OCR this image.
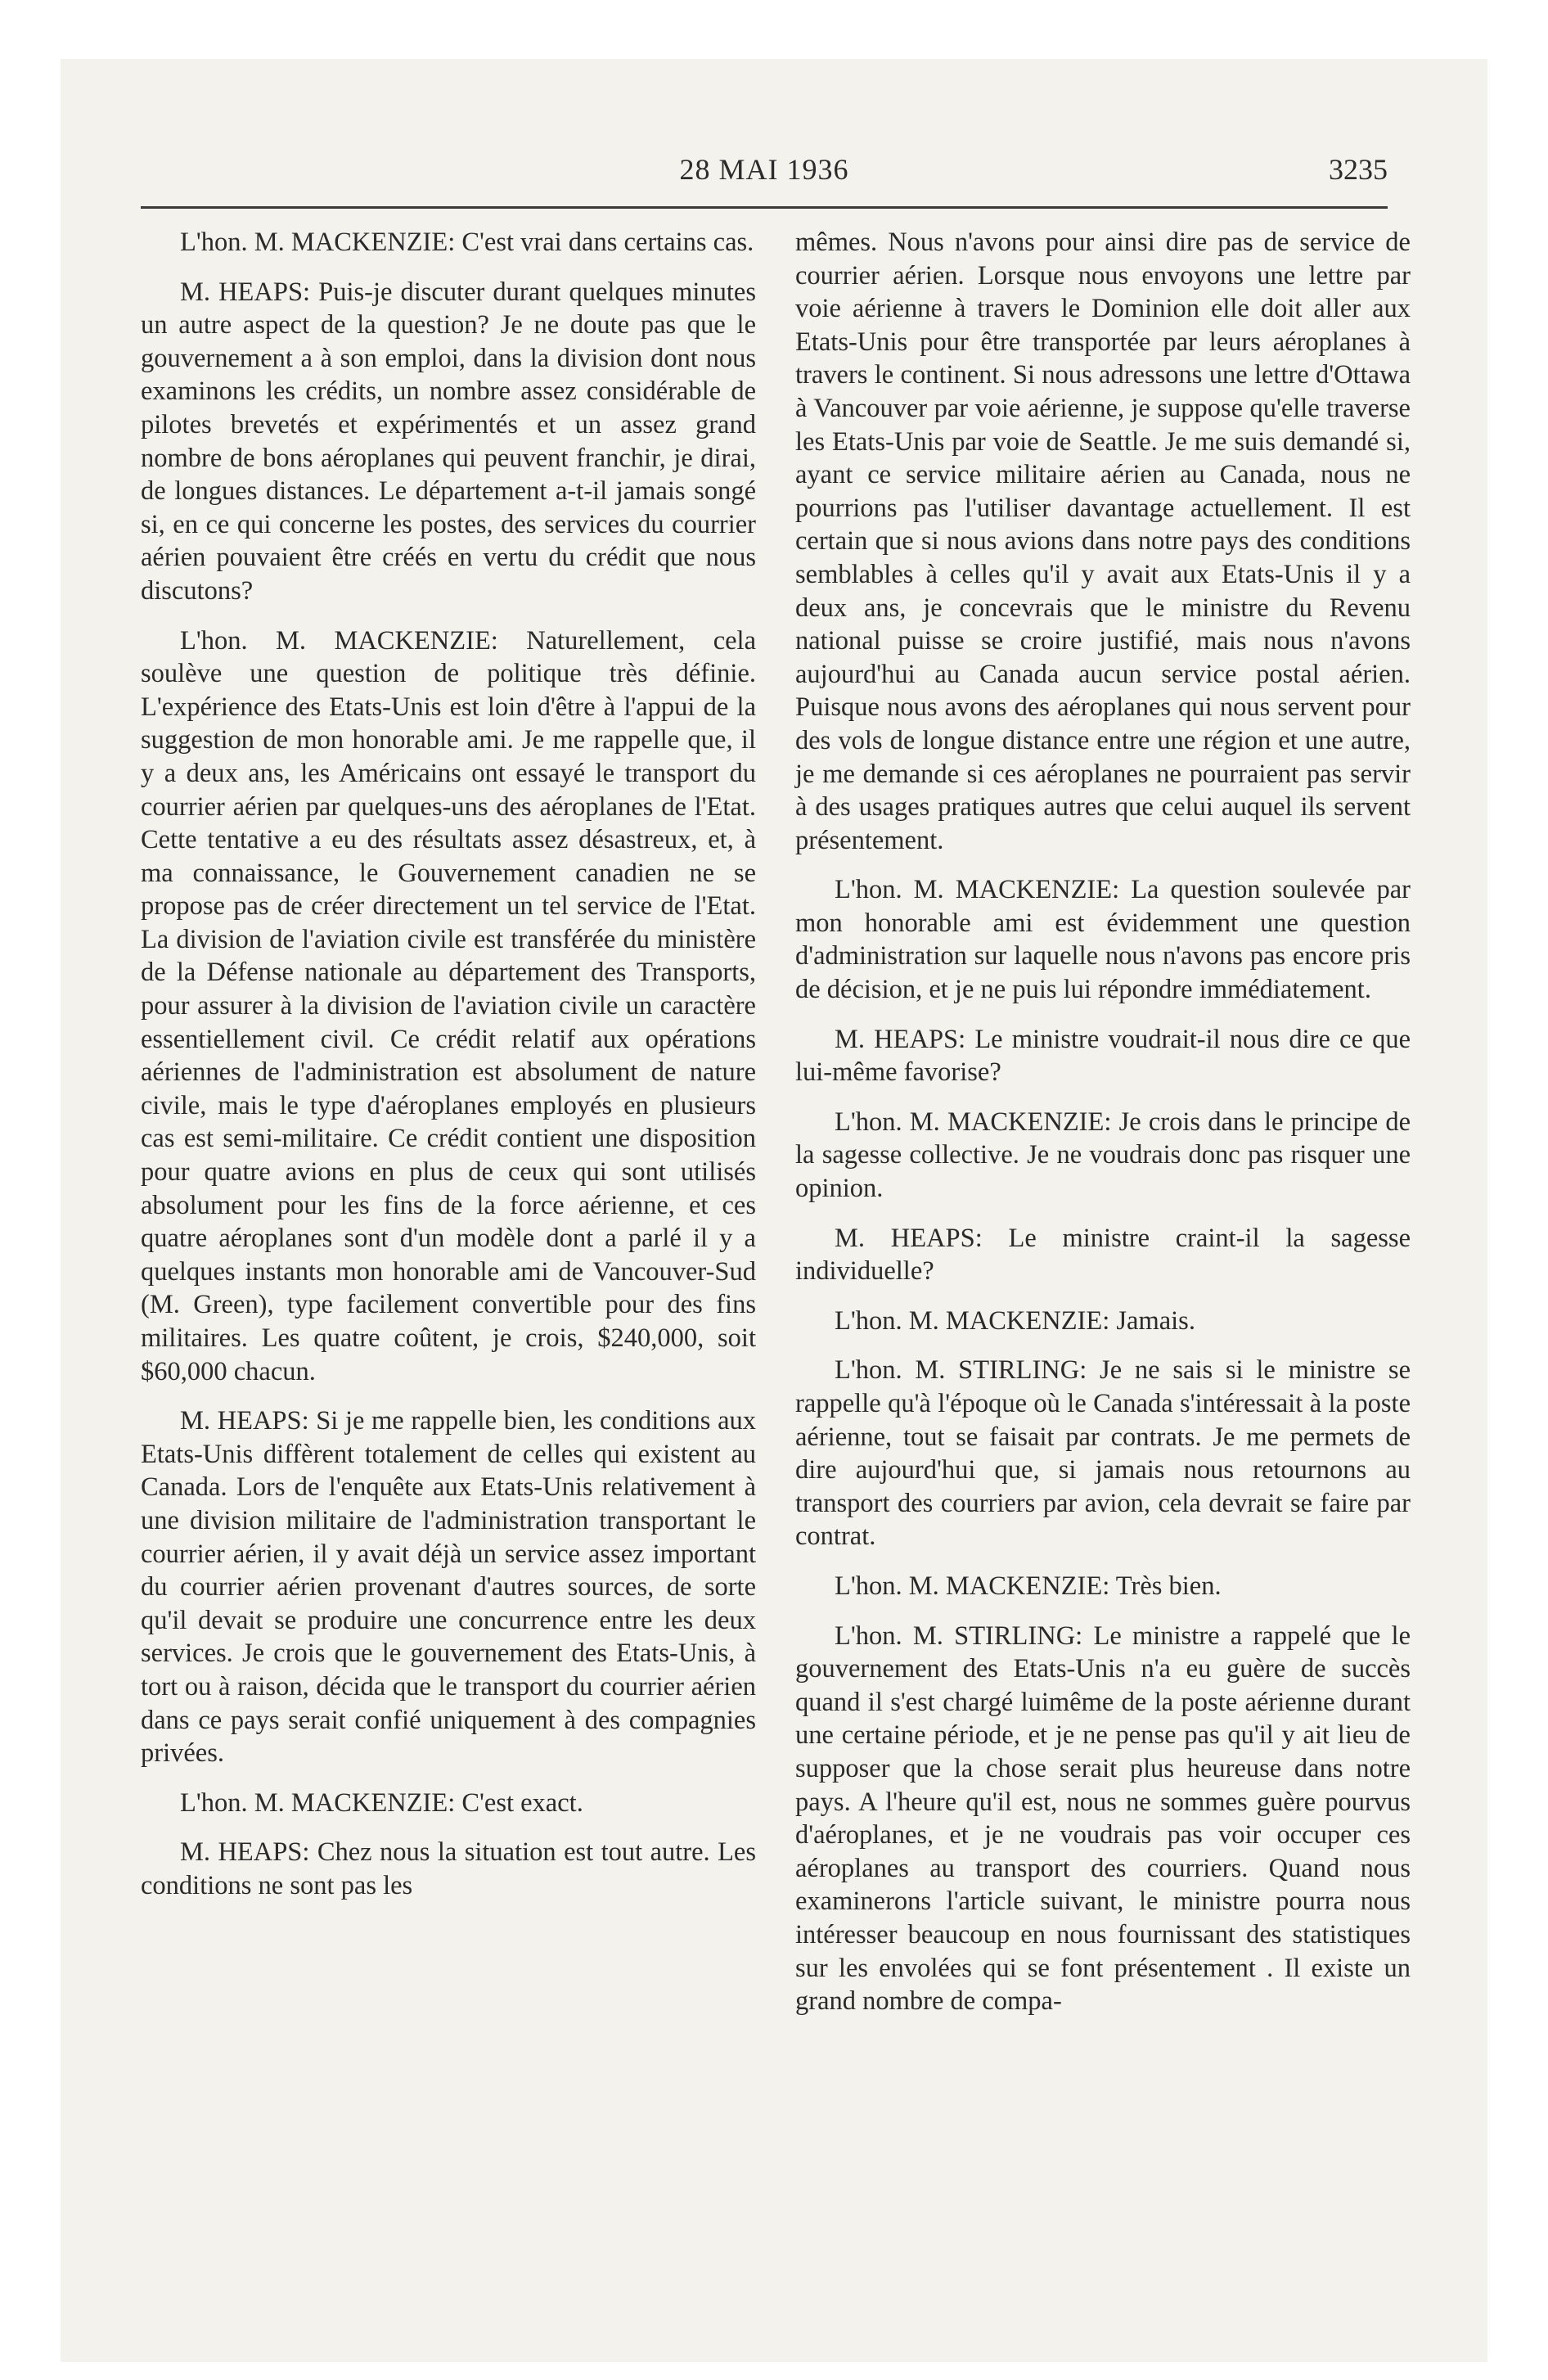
28 MAI 1936	3235

L'hon. M. MACKENZIE: C'est vrai dans certains cas.

M. HEAPS: Puis-je discuter durant quelques minutes un autre aspect de la question? Je ne doute pas que le gouvernement a à son emploi, dans la division dont nous examinons les crédits, un nombre assez considérable de pilotes brevetés et expérimentés et un assez grand nombre de bons aéroplanes qui peuvent franchir, je dirai, de longues distances. Le département a-t-il jamais songé si, en ce qui concerne les postes, des services du courrier aérien pouvaient être créés en vertu du crédit que nous discutons?

L'hon. M. MACKENZIE: Naturellement, cela soulève une question de politique très définie. L'expérience des Etats-Unis est loin d'être à l'appui de la suggestion de mon honorable ami. Je me rappelle que, il y a deux ans, les Américains ont essayé le transport du courrier aérien par quelques-uns des aéroplanes de l'Etat. Cette tentative a eu des résultats assez désastreux, et, à ma connaissance, le Gouvernement canadien ne se propose pas de créer directement un tel service de l'Etat. La division de l'aviation civile est transférée du ministère de la Défense nationale au département des Transports, pour assurer à la division de l'aviation civile un caractère essentiellement civil. Ce crédit relatif aux opérations aériennes de l'administration est absolument de nature civile, mais le type d'aéroplanes employés en plusieurs cas est semi-militaire. Ce crédit contient une disposition pour quatre avions en plus de ceux qui sont utilisés absolument pour les fins de la force aérienne, et ces quatre aéroplanes sont d'un modèle dont a parlé il y a quelques instants mon honorable ami de Vancouver-Sud (M. Green), type facilement convertible pour des fins militaires. Les quatre coûtent, je crois, $240,000, soit $60,000 chacun.

M. HEAPS: Si je me rappelle bien, les conditions aux Etats-Unis diffèrent totalement de celles qui existent au Canada. Lors de l'enquête aux Etats-Unis relativement à une division militaire de l'administration transportant le courrier aérien, il y avait déjà un service assez important du courrier aérien provenant d'autres sources, de sorte qu'il devait se produire une concurrence entre les deux services. Je crois que le gouvernement des Etats-Unis, à tort ou à raison, décida que le transport du courrier aérien dans ce pays serait confié uniquement à des compagnies privées.

L'hon. M. MACKENZIE: C'est exact.

M. HEAPS: Chez nous la situation est tout autre. Les conditions ne sont pas les

mêmes. Nous n'avons pour ainsi dire pas de service de courrier aérien. Lorsque nous envoyons une lettre par voie aérienne à travers le Dominion elle doit aller aux Etats-Unis pour être transportée par leurs aéroplanes à travers le continent. Si nous adressons une lettre d'Ottawa à Vancouver par voie aérienne, je suppose qu'elle traverse les Etats-Unis par voie de Seattle. Je me suis demandé si, ayant ce service militaire aérien au Canada, nous ne pourrions pas l'utiliser davantage actuellement. Il est certain que si nous avions dans notre pays des conditions semblables à celles qu'il y avait aux Etats-Unis il y a deux ans, je concevrais que le ministre du Revenu national puisse se croire justifié, mais nous n'avons aujourd'hui au Canada aucun service postal aérien. Puisque nous avons des aéroplanes qui nous servent pour des vols de longue distance entre une région et une autre, je me demande si ces aéroplanes ne pourraient pas servir à des usages pratiques autres que celui auquel ils servent présentement.

L'hon. M. MACKENZIE: La question soulevée par mon honorable ami est évidemment une question d'administration sur laquelle nous n'avons pas encore pris de décision, et je ne puis lui répondre immédiatement.

M. HEAPS: Le ministre voudrait-il nous dire ce que lui-même favorise?

L'hon. M. MACKENZIE: Je crois dans le principe de la sagesse collective. Je ne voudrais donc pas risquer une opinion.

M. HEAPS: Le ministre craint-il la sagesse individuelle?

L'hon. M. MACKENZIE: Jamais.

L'hon. M. STIRLING: Je ne sais si le ministre se rappelle qu'à l'époque où le Canada s'intéressait à la poste aérienne, tout se faisait par contrats. Je me permets de dire aujourd'hui que, si jamais nous retournons au transport des courriers par avion, cela devrait se faire par contrat.

L'hon. M. MACKENZIE: Très bien.

L'hon. M. STIRLING: Le ministre a rappelé que le gouvernement des Etats-Unis n'a eu guère de succès quand il s'est chargé luimême de la poste aérienne durant une certaine période, et je ne pense pas qu'il y ait lieu de supposer que la chose serait plus heureuse dans notre pays. A l'heure qu'il est, nous ne sommes guère pourvus d'aéroplanes, et je ne voudrais pas voir occuper ces aéroplanes au transport des courriers. Quand nous examinerons l'article suivant, le ministre pourra nous intéresser beaucoup en nous fournissant des statistiques sur les envolées qui se font présentement . Il existe un grand nombre de compa-
